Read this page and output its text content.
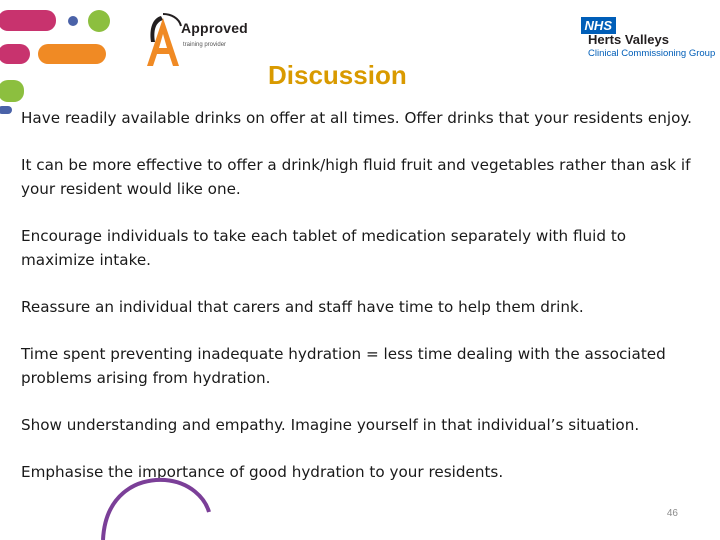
Approved
training provider
NHS
Herts Valleys
Clinical Commissioning Group
Discussion

Have readily available drinks on offer at all times. Offer drinks that your residents enjoy.

It can be more effective to offer a drink/high fluid fruit and vegetables rather than ask if your resident would like one.

Encourage individuals to take each tablet of medication separately with fluid to maximize intake.

Reassure an individual that carers and staff have time to help them drink.

Time spent preventing inadequate hydration = less time dealing with the associated problems arising from hydration.

Show understanding and empathy. Imagine yourself in that individual’s situation.

Emphasise the importance of good hydration to your residents.

46
